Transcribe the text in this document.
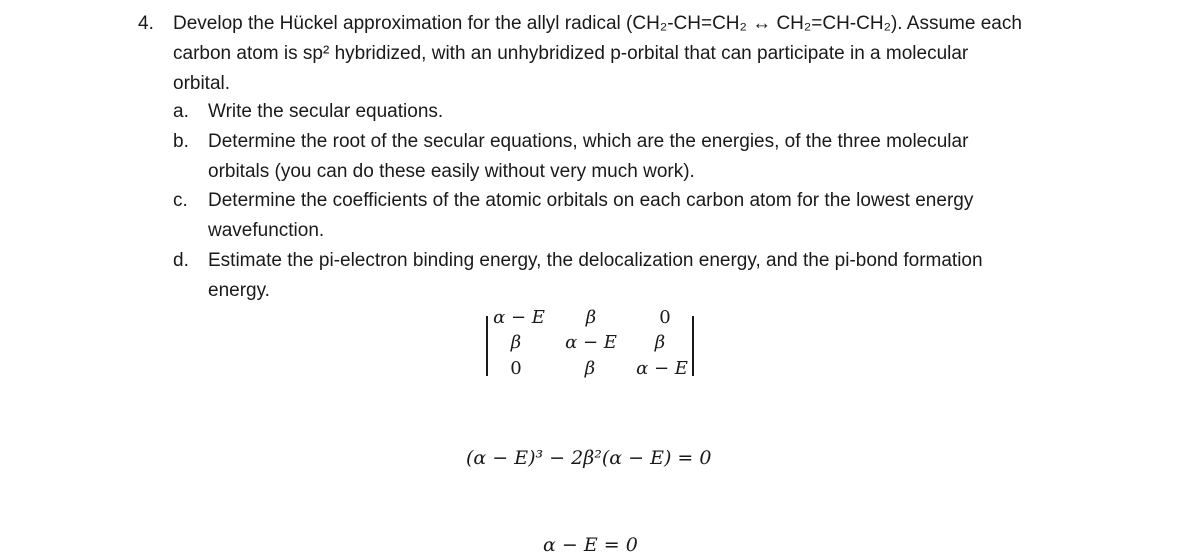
4. Develop the Hückel approximation for the allyl radical (CH₂-CH=CH₂ ↔ CH₂=CH-CH₂). Assume each
carbon atom is sp² hybridized, with an unhybridized p-orbital that can participate in a molecular
orbital.
a. Write the secular equations.
b. Determine the root of the secular equations, which are the energies, of the three molecular
orbitals (you can do these easily without very much work).
c. Determine the coefficients of the atomic orbitals on each carbon atom for the lowest energy
wavefunction.
d. Estimate the pi-electron binding energy, the delocalization energy, and the pi-bond formation
energy.
α − E	β	0
β	α − E	β
0	β	α − E
(α − E)³ − 2β²(α − E) = 0
α − E = 0
